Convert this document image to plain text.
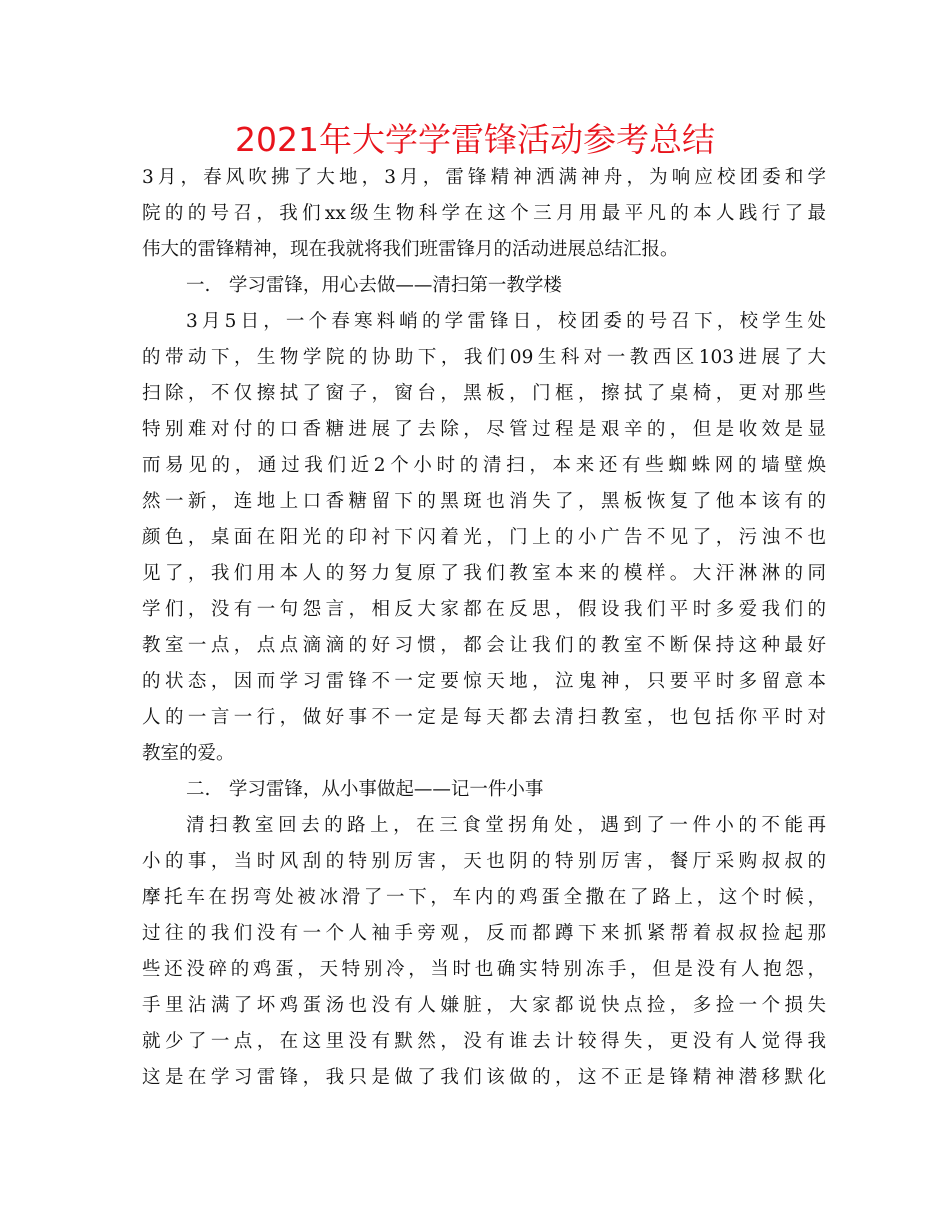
2021年大学学雷锋活动参考总结
3月，春风吹拂了大地，3月，雷锋精神洒满神舟，为响应校团委和学
院的的号召，我们xx级生物科学在这个三月用最平凡的本人践行了最
伟大的雷锋精神，现在我就将我们班雷锋月的活动进展总结汇报。
一.　学习雷锋，用心去做——清扫第一教学楼
3月5日，一个春寒料峭的学雷锋日，校团委的号召下，校学生处
的带动下，生物学院的协助下，我们09生科对一教西区103进展了大
扫除，不仅擦拭了窗子，窗台，黑板，门框，擦拭了桌椅，更对那些
特别难对付的口香糖进展了去除，尽管过程是艰辛的，但是收效是显
而易见的，通过我们近2个小时的清扫，本来还有些蜘蛛网的墙壁焕
然一新，连地上口香糖留下的黑斑也消失了，黑板恢复了他本该有的
颜色，桌面在阳光的印衬下闪着光，门上的小广告不见了，污浊不也
见了，我们用本人的努力复原了我们教室本来的模样。大汗淋淋的同
学们，没有一句怨言，相反大家都在反思，假设我们平时多爱我们的
教室一点，点点滴滴的好习惯，都会让我们的教室不断保持这种最好
的状态，因而学习雷锋不一定要惊天地，泣鬼神，只要平时多留意本
人的一言一行，做好事不一定是每天都去清扫教室，也包括你平时对
教室的爱。
二.　学习雷锋，从小事做起——记一件小事
清扫教室回去的路上，在三食堂拐角处，遇到了一件小的不能再
小的事，当时风刮的特别厉害，天也阴的特别厉害，餐厅采购叔叔的
摩托车在拐弯处被冰滑了一下，车内的鸡蛋全撒在了路上，这个时候，
过往的我们没有一个人袖手旁观，反而都蹲下来抓紧帮着叔叔捡起那
些还没碎的鸡蛋，天特别冷，当时也确实特别冻手，但是没有人抱怨，
手里沾满了坏鸡蛋汤也没有人嫌脏，大家都说快点捡，多捡一个损失
就少了一点，在这里没有默然，没有谁去计较得失，更没有人觉得我
这是在学习雷锋，我只是做了我们该做的，这不正是锋精神潜移默化
